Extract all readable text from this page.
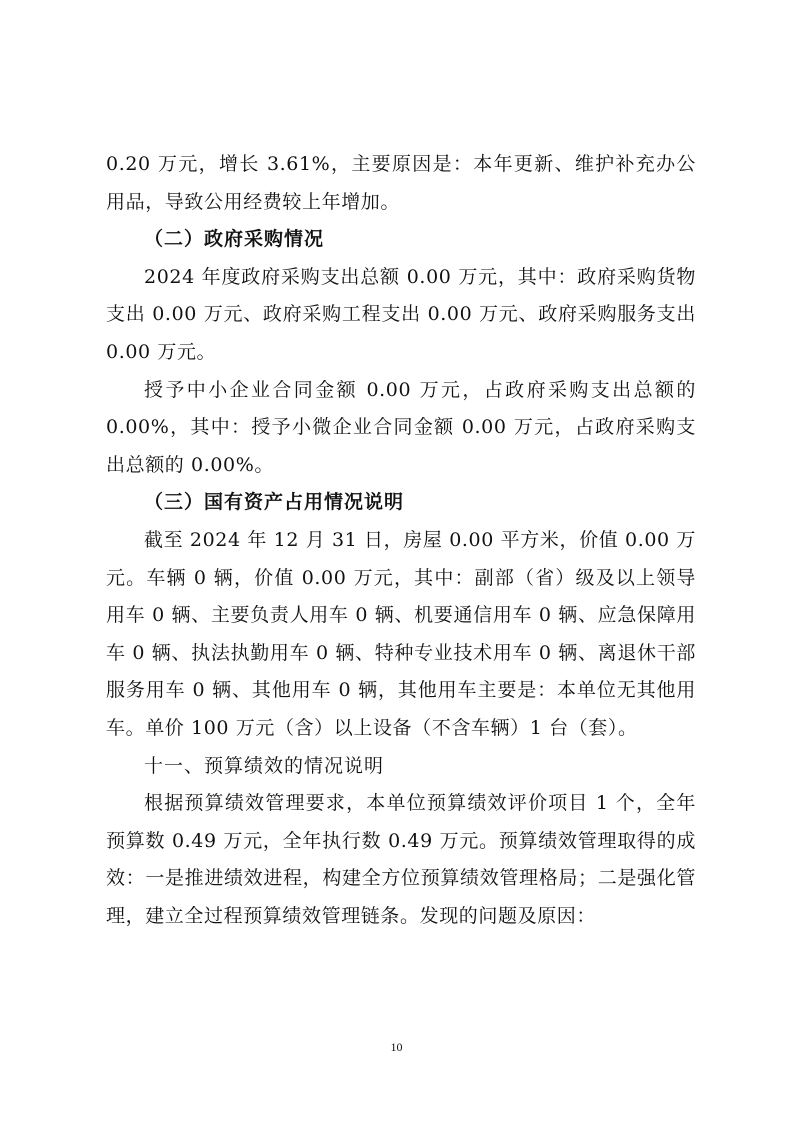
0.20 万元，增长 3.61%，主要原因是：本年更新、维护补充办公用品，导致公用经费较上年增加。

（二）政府采购情况

2024 年度政府采购支出总额 0.00 万元，其中：政府采购货物支出 0.00 万元、政府采购工程支出 0.00 万元、政府采购服务支出 0.00 万元。

授予中小企业合同金额 0.00 万元，占政府采购支出总额的 0.00%，其中：授予小微企业合同金额 0.00 万元，占政府采购支出总额的 0.00%。

（三）国有资产占用情况说明

截至 2024 年 12 月 31 日，房屋 0.00 平方米，价值 0.00 万元。车辆 0 辆，价值 0.00 万元，其中：副部（省）级及以上领导用车 0 辆、主要负责人用车 0 辆、机要通信用车 0 辆、应急保障用车 0 辆、执法执勤用车 0 辆、特种专业技术用车 0 辆、离退休干部服务用车 0 辆、其他用车 0 辆，其他用车主要是：本单位无其他用车。单价 100 万元（含）以上设备（不含车辆）1 台（套）。

十一、预算绩效的情况说明

根据预算绩效管理要求，本单位预算绩效评价项目 1 个，全年预算数 0.49 万元，全年执行数 0.49 万元。预算绩效管理取得的成效：一是推进绩效进程，构建全方位预算绩效管理格局；二是强化管理，建立全过程预算绩效管理链条。发现的问题及原因：

10
